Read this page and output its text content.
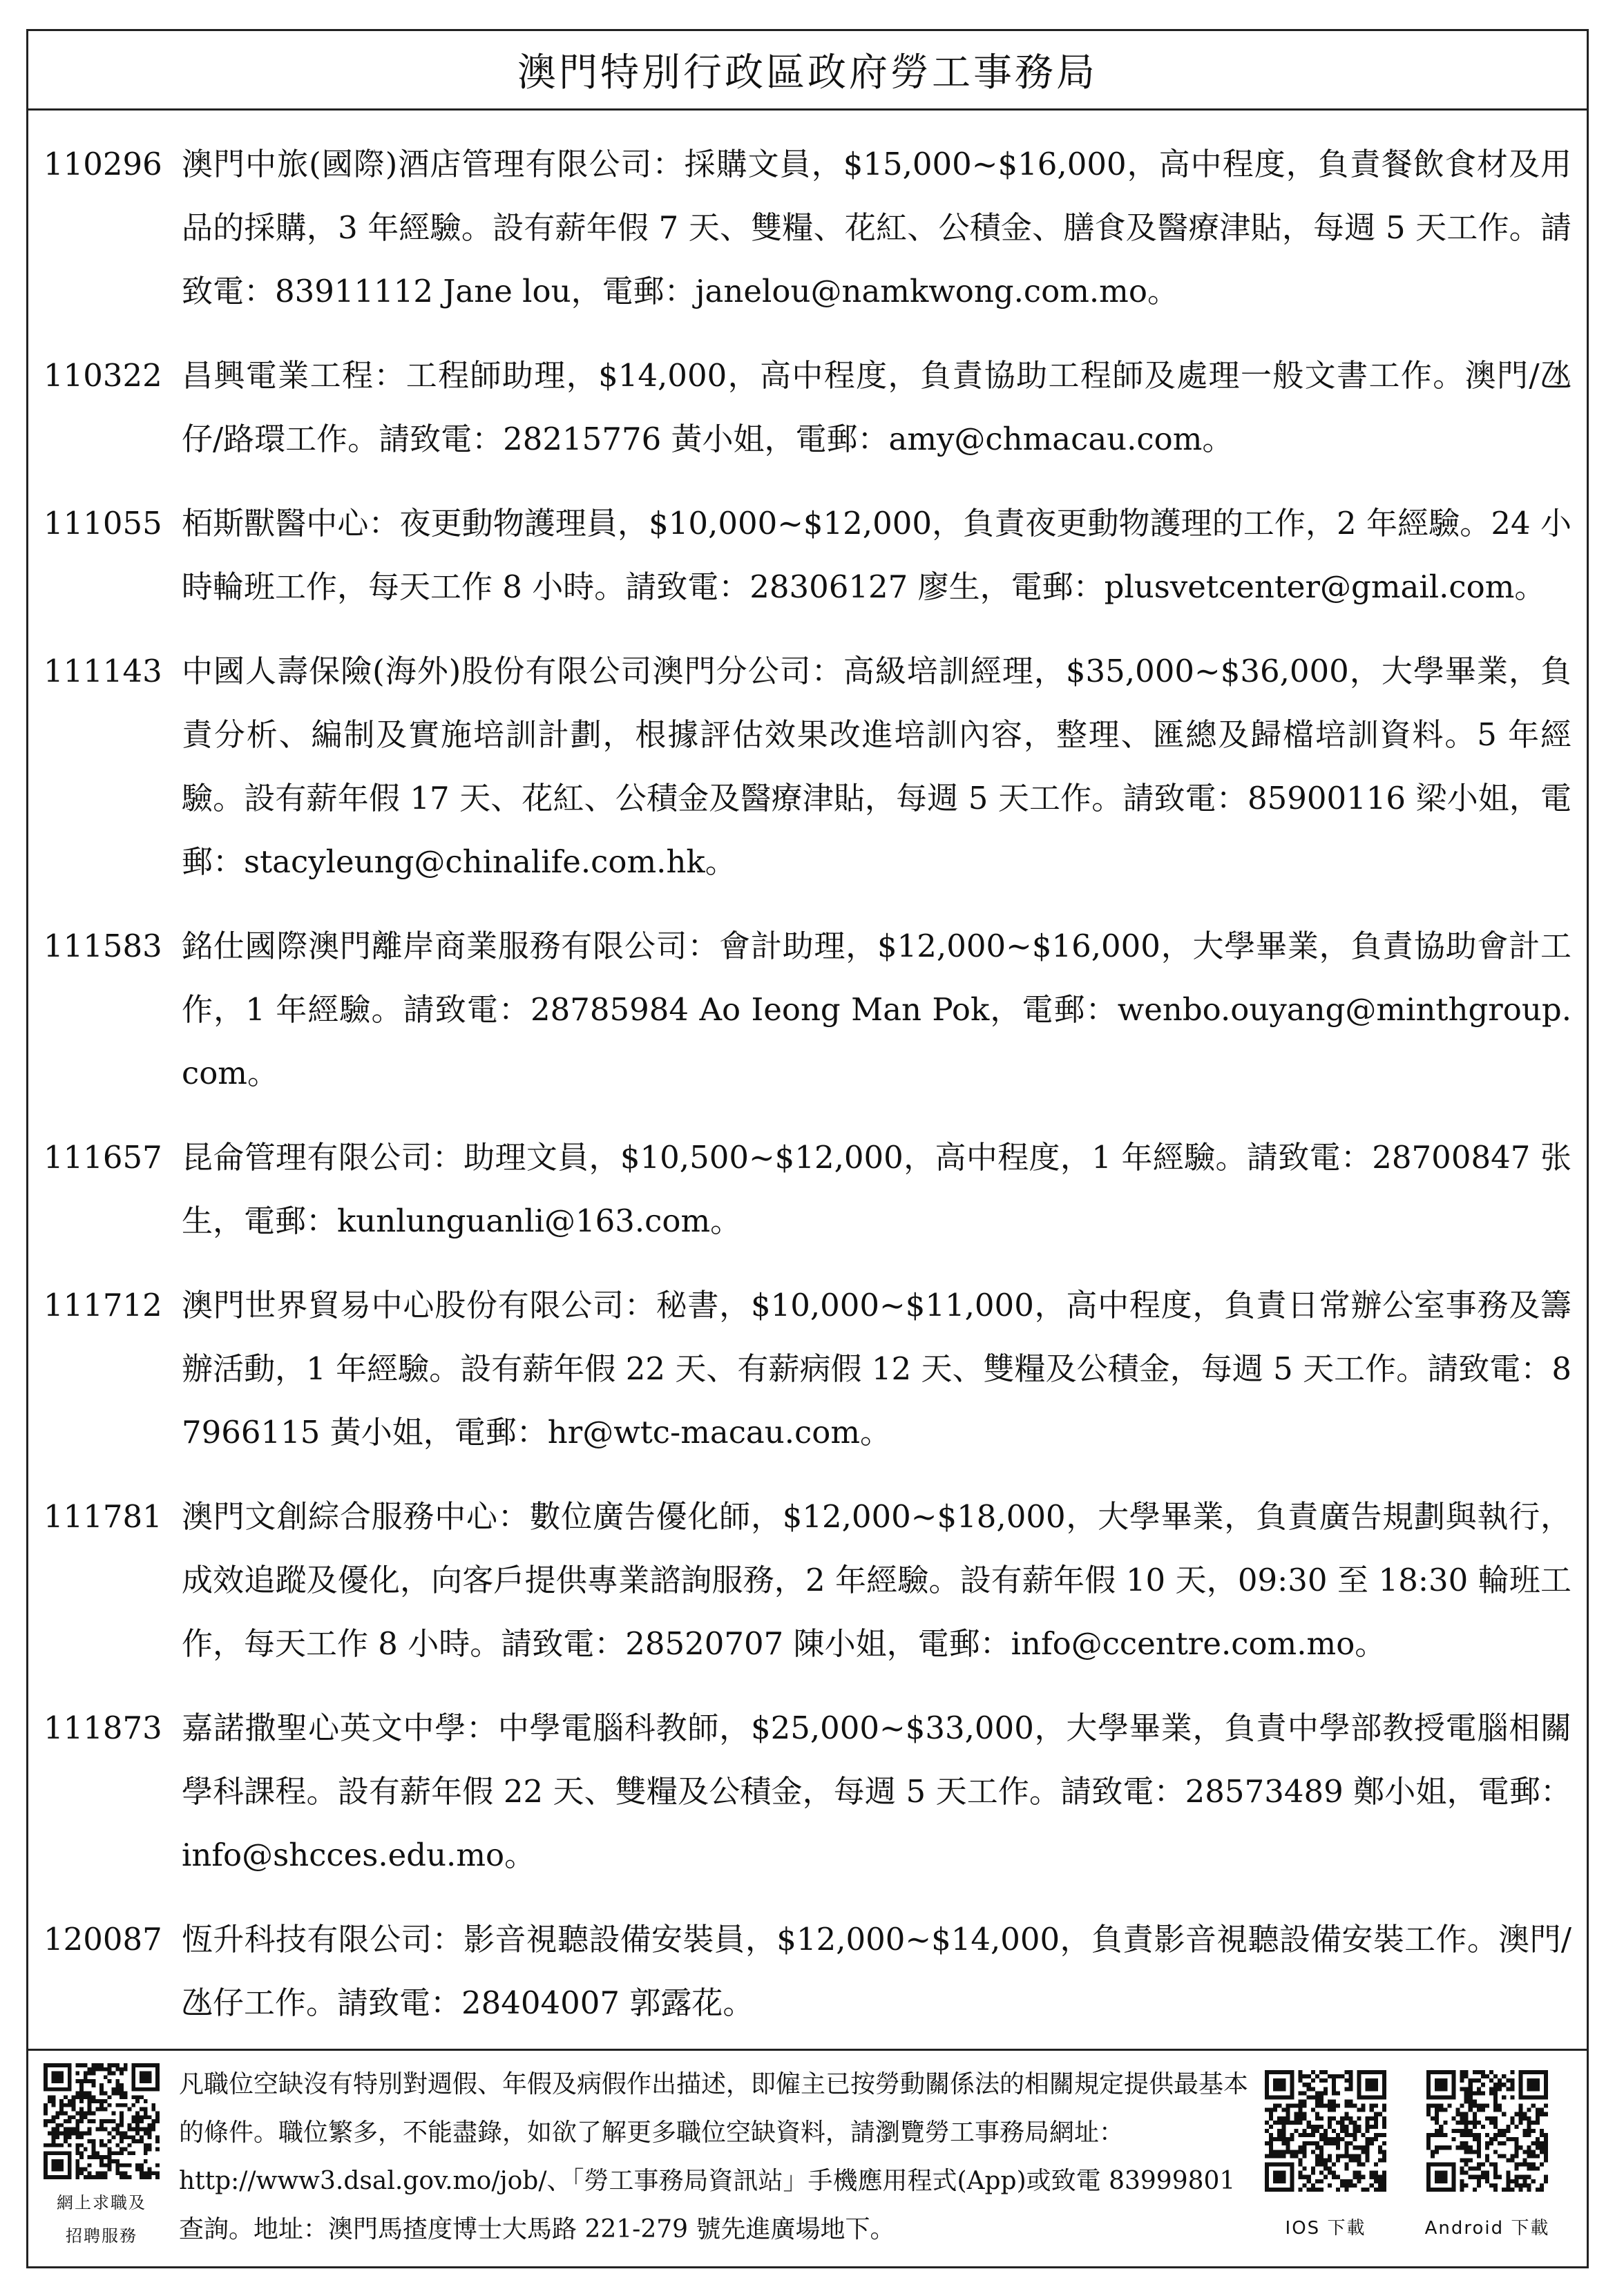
澳門特別行政區政府勞工事務局
110296 澳門中旅(國際)酒店管理有限公司：採購文員，$15,000~$16,000，高中程度，負責餐飲食材及用品的採購，3 年經驗。設有薪年假 7 天、雙糧、花紅、公積金、膳食及醫療津貼，每週 5 天工作。請致電：83911112 Jane lou，電郵：janelou@namkwong.com.mo。
110322 昌興電業工程：工程師助理，$14,000，高中程度，負責協助工程師及處理一般文書工作。澳門/氹仔/路環工作。請致電：28215776 黃小姐，電郵：amy@chmacau.com。
111055 栢斯獸醫中心：夜更動物護理員，$10,000~$12,000，負責夜更動物護理的工作，2 年經驗。24 小時輪班工作，每天工作 8 小時。請致電：28306127 廖生，電郵：plusvetcenter@gmail.com。
111143 中國人壽保險(海外)股份有限公司澳門分公司：高級培訓經理，$35,000~$36,000，大學畢業，負責分析、編制及實施培訓計劃，根據評估效果改進培訓內容，整理、匯總及歸檔培訓資料。5 年經驗。設有薪年假 17 天、花紅、公積金及醫療津貼，每週 5 天工作。請致電：85900116 梁小姐，電郵：stacyleung@chinalife.com.hk。
111583 銘仕國際澳門離岸商業服務有限公司：會計助理，$12,000~$16,000，大學畢業，負責協助會計工作，1 年經驗。請致電：28785984 Ao Ieong Man Pok，電郵：wenbo.ouyang@minthgroup.com。
111657 昆侖管理有限公司：助理文員，$10,500~$12,000，高中程度，1 年經驗。請致電：28700847 张生，電郵：kunlunguanli@163.com。
111712 澳門世界貿易中心股份有限公司：秘書，$10,000~$11,000，高中程度，負責日常辦公室事務及籌辦活動，1 年經驗。設有薪年假 22 天、有薪病假 12 天、雙糧及公積金，每週 5 天工作。請致電：87966115 黃小姐，電郵：hr@wtc-macau.com。
111781 澳門文創綜合服務中心：數位廣告優化師，$12,000~$18,000，大學畢業，負責廣告規劃與執行，成效追蹤及優化，向客戶提供專業諮詢服務，2 年經驗。設有薪年假 10 天，09:30 至 18:30 輪班工作，每天工作 8 小時。請致電：28520707 陳小姐，電郵：info@ccentre.com.mo。
111873 嘉諾撒聖心英文中學：中學電腦科教師，$25,000~$33,000，大學畢業，負責中學部教授電腦相關學科課程。設有薪年假 22 天、雙糧及公積金，每週 5 天工作。請致電：28573489 鄭小姐，電郵：info@shcces.edu.mo。
120087 恆升科技有限公司：影音視聽設備安裝員，$12,000~$14,000，負責影音視聽設備安裝工作。澳門/氹仔工作。請致電：28404007 郭露花。
網上求職及
招聘服務
凡職位空缺沒有特別對週假、年假及病假作出描述，即僱主已按勞動關係法的相關規定提供最基本的條件。職位繁多，不能盡錄，如欲了解更多職位空缺資料，請瀏覽勞工事務局網址：http://www3.dsal.gov.mo/job/、「勞工事務局資訊站」手機應用程式(App)或致電 83999801 查詢。地址：澳門馬揸度博士大馬路 221-279 號先進廣場地下。	IOS 下載	Android 下載
